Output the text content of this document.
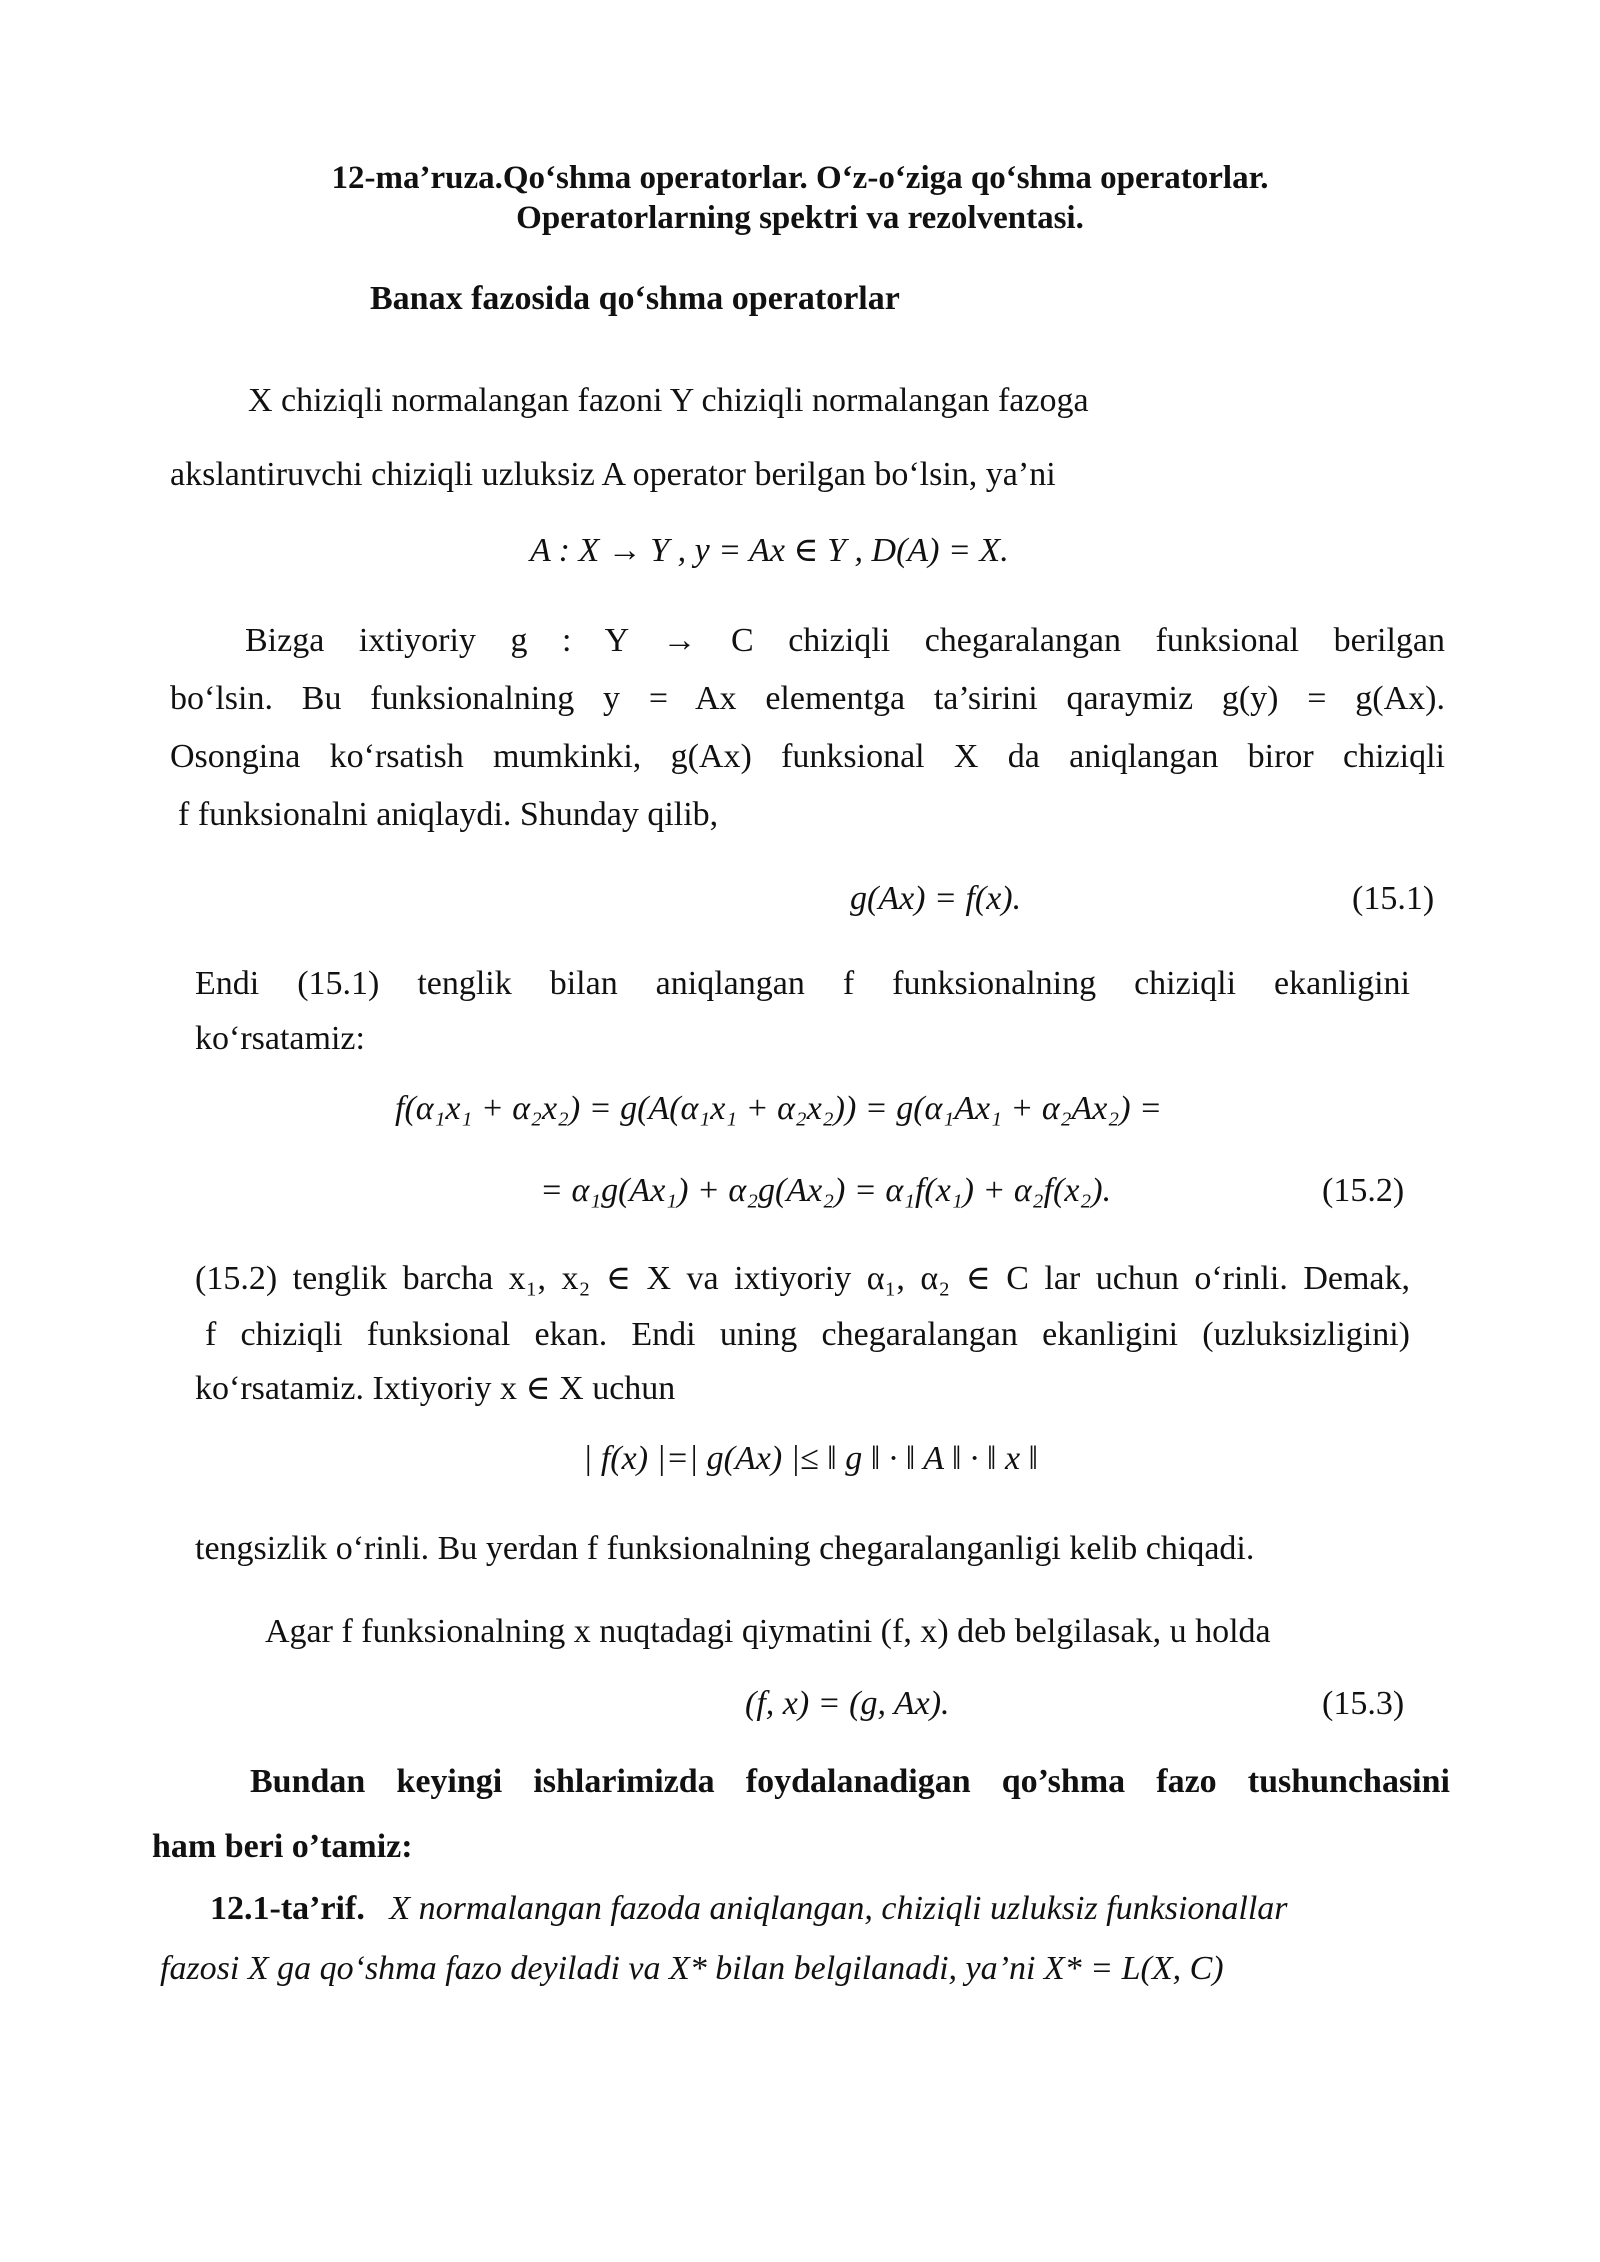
12-ma’ruza.Qo‘shma operatorlar. O‘z-o‘ziga qo‘shma operatorlar.
Operatorlarning spektri va rezolventasi.
Banax fazosida qo‘shma operatorlar
X chiziqli normalangan fazoni Y chiziqli normalangan fazoga
akslantiruvchi chiziqli uzluksiz A operator berilgan bo‘lsin, ya’ni
A : X → Y , y = Ax ∈ Y , D(A) = X.
Bizga ixtiyoriy g : Y → C chiziqli chegaralangan funksional berilgan
bo‘lsin. Bu funksionalning y = Ax elementga ta’sirini qaraymiz g(y) = g(Ax).
Osongina ko‘rsatish mumkinki, g(Ax) funksional X da aniqlangan biror chiziqli
f funksionalni aniqlaydi. Shunday qilib,
g(Ax) = f(x).	(15.1)
Endi (15.1) tenglik bilan aniqlangan f funksionalning chiziqli ekanligini
ko‘rsatamiz:
f(α₁x₁ + α₂x₂) = g(A(α₁x₁ + α₂x₂)) = g(α₁Ax₁ + α₂Ax₂) =
= α₁g(Ax₁) + α₂g(Ax₂) = α₁f(x₁) + α₂f(x₂).	(15.2)
(15.2) tenglik barcha x₁, x₂ ∈ X va ixtiyoriy α₁, α₂ ∈ C lar uchun o‘rinli. Demak,
f chiziqli funksional ekan. Endi uning chegaralangan ekanligini (uzluksizligini)
ko‘rsatamiz. Ixtiyoriy x ∈ X uchun
| f(x) |=| g(Ax) |≤ ‖ g ‖ · ‖ A ‖ · ‖ x ‖
tengsizlik o‘rinli. Bu yerdan f funksionalning chegaralanganligi kelib chiqadi.
Agar f funksionalning x nuqtadagi qiymatini (f, x) deb belgilasak, u holda
(f, x) = (g, Ax).	(15.3)
Bundan keyingi ishlarimizda foydalanadigan qo’shma fazo tushunchasini
ham beri o’tamiz:
12.1-ta’rif. X normalangan fazoda aniqlangan, chiziqli uzluksiz funksionallar
fazosi X ga qo‘shma fazo deyiladi va X* bilan belgilanadi, ya’ni X* = L(X, C)
